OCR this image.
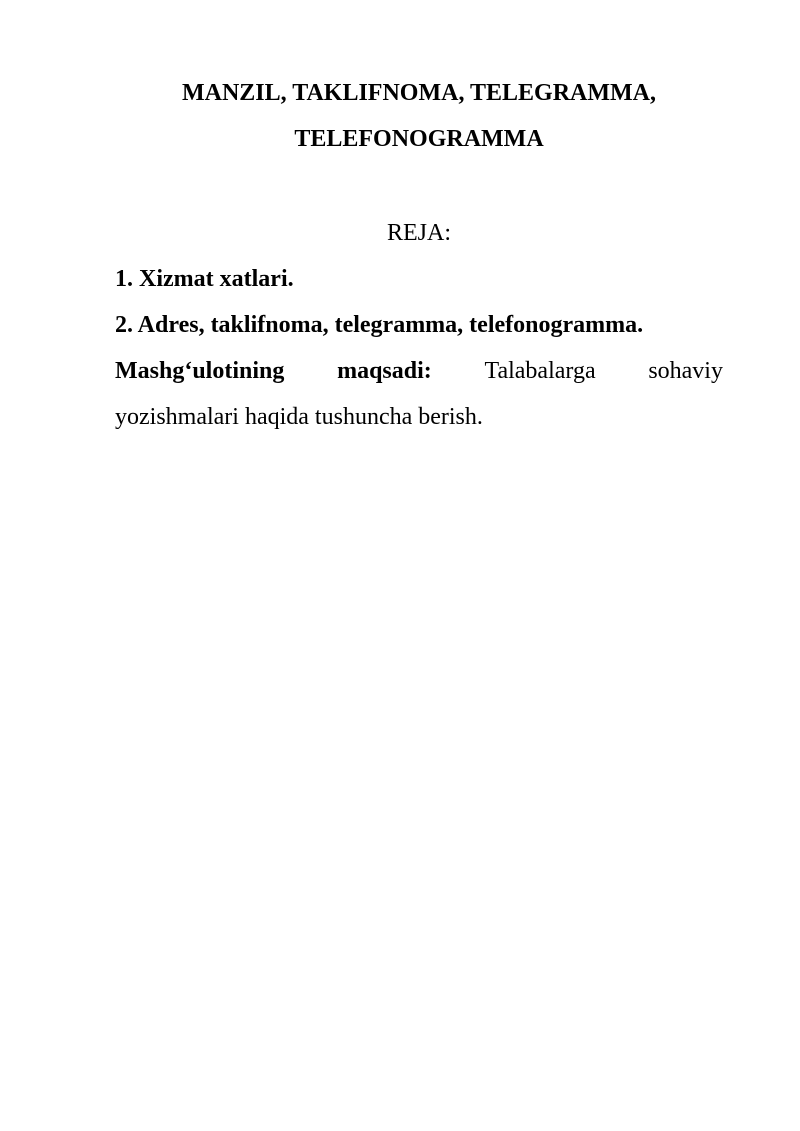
MANZIL, TAKLIFNOMA, TELEGRAMMA,
TELEFONOGRAMMA
REJA:
1. Xizmat xatlari.
2. Adres, taklifnoma, telegramma, telefonogramma.

Mashg‘ulotining maqsadi: Talabalarga sohaviy
yozishmalari haqida tushuncha berish.
